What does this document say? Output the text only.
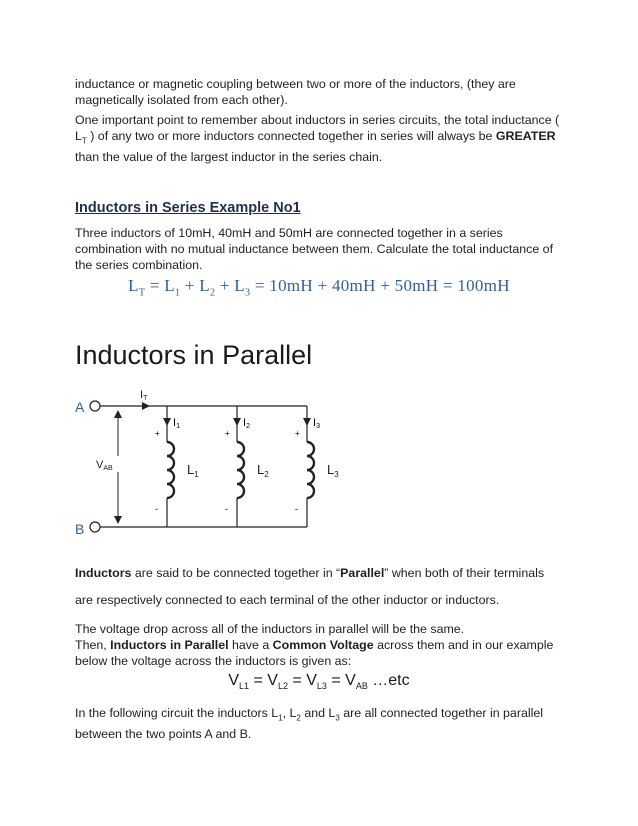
inductance or magnetic coupling between two or more of the inductors, (they are
magnetically isolated from each other).

One important point to remember about inductors in series circuits, the total inductance ( $L_T$ ) of any two or more inductors connected together in series will always be GREATER than the value of the largest inductor in the series chain.

Inductors in Series Example No1

Three inductors of 10mH, 40mH and 50mH are connected together in a series combination with no mutual inductance between them. Calculate the total inductance of the series combination.

$L_T = L_1 + L_2 + L_3 = 10mH + 40mH + 50mH = 100mH$
Inductors in Parallel
A
B
IT
VAB
I1
+
-
$L_1$
I2
+
-
$L_2$
I3
+
-
$L_3$

Inductors are said to be connected together in “Parallel” when both of their terminals

are respectively connected to each terminal of the other inductor or inductors.

The voltage drop across all of the inductors in parallel will be the same.
Then, Inductors in Parallel have a Common Voltage across them and in our example below the voltage across the inductors is given as:

$V_{L1} = V_{L2} = V_{L3} = V_{AB}$ …etc

In the following circuit the inductors $L_1$, $L_2$ and $L_3$ are all connected together in parallel between the two points A and B.
